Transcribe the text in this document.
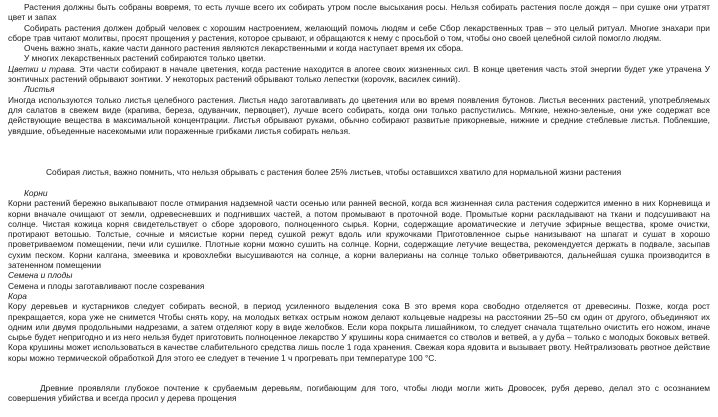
Растения должны быть собраны вовремя, то есть лучше всего их собирать утром после высыхания росы. Нельзя собирать растения после дождя – при сушке они утратят цвет и запах

Собирать растения должен добрый человек с хорошим настроением, желающий помочь людям и себе Сбор лекарственных трав – это целый ритуал. Многие знахари при сборе трав читают молитвы, просят прощения у растения, которое срывают, и обращаются к нему с просьбой о том, чтобы оно своей целебной силой помогло людям.

Очень важно знать, какие части данного растения являются лекарственными и когда наступает время их сбора.

У многих лекарственных растений собираются только цветки.

Цветки и трава. Эти части собирают в начале цветения, когда растение находится в апогее своих жизненных сил. В конце цветения часть этой энергии будет уже утрачена У зонтичных растений обрывают зонтики. У некоторых растений обрывают только лепестки (корovяк, василек синий).

Листья

Иногда используются только листья целебного растения. Листья надо заготавливать до цветения или во время появления бутонов. Листья весенних растений, употребляемых для салатов в свежем виде (крапива, береза, одуванчик, первоцвет), лучше всего собирать, когда они только распустились. Мягкие, нежно-зеленые, они уже содержат все действующие вещества в максимальной концентрации. Листья обрывают руками, обычно собирают развитые прикорневые, нижние и средние стеблевые листья. Поблекшие, увядшие, объеденные насекомыми или пораженные грибками листья собирать нельзя.

Собирая листья, важно помнить, что нельзя обрывать с растения более 25% листьев, чтобы оставшихся хватило для нормальной жизни растения

Корни

Корни растений бережно выкапывают после отмирания надземной части осенью или ранней весной, когда вся жизненная сила растения содержится именно в них Корневища и корни вначале очищают от земли, одревесневших и подгнивших частей, а потом промывают в проточной воде. Промытые корни раскладывают на ткани и подсушивают на солнце. Чистая кожица корня свидетельствует о сборе здорового, полноценного сырья. Корни, содержащие ароматические и летучие эфирные вещества, кроме очистки, протирают ветошью. Толстые, сочные и мясистые корни перед сушкой режут вдоль или кружочками Приготовленное сырье нанизывают на шпагат и сушат в хорошо проветриваемом помещении, печи или сушилке. Плотные корни можно сушить на солнце. Корни, содержащие летучие вещества, рекомендуется держать в подвале, засыпав сухим песком. Корни калгана, змеевика и кровохлебки высушиваются на солнце, а корни валерианы на солнце только обветриваются, дальнейшая сушка производится в затененном помещении

Семена и плоды

Семена и плоды заготавливают после созревания

Кора

Кору деревьев и кустарников следует собирать весной, в период усиленного выделения сока В это время кора свободно отделяется от древесины. Позже, когда рост прекращается, кора уже не снимется Чтобы снять кору, на молодых ветках острым ножом делают кольцевые надрезы на расстоянии 25–50 см один от другого, объединяют их одним или двумя продольными надрезами, а затем отделяют кору в виде желобков. Если кора покрыта лишайником, то следует сначала тщательно очистить его ножом, иначе сырье будет непригодно и из него нельзя будет приготовить полноценное лекарство У крушины кора снимается со стволов и ветвей, а у дуба – только с молодых боковых ветвей. Кора крушины может использоваться в качестве слабительного средства лишь после 1 года хранения. Свежая кора ядовита и вызывает рвоту. Нейтрализовать рвотное действие коры можно термической обработкой Для этого ее следует в течение 1 ч прогревать при температуре 100 °С.

Древние проявляли глубокое почтение к срубаемым деревьям, погибающим для того, чтобы люди могли жить Дровосек, рубя дерево, делал это с осознанием совершения убийства и всегда просил у дерева прощения
